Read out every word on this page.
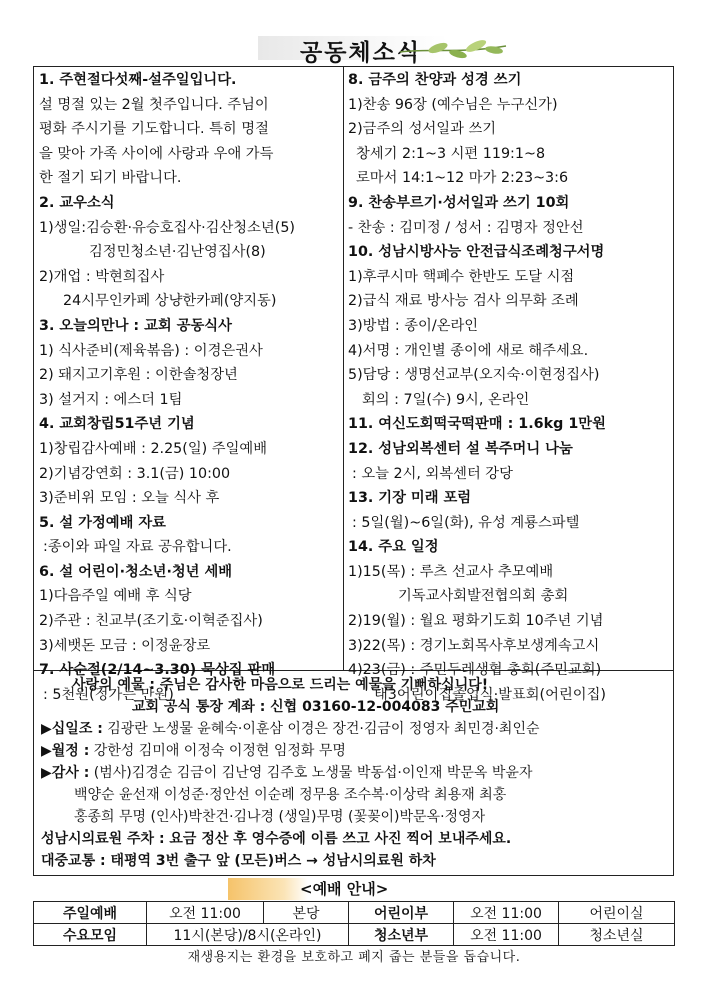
공동체소식
1. 주현절다섯째-설주일입니다.
설 명절 있는 2월 첫주입니다. 주님이
평화 주시기를 기도합니다. 특히 명절
을 맞아 가족 사이에 사랑과 우애 가득
한 절기 되기 바랍니다.
2. 교우소식
1)생일:김승환·유승호집사·김산청소년(5)
김정민청소년·김난영집사(8)
2)개업 : 박현희집사
24시무인카페 상냥한카페(양지동)
3. 오늘의만나 : 교회 공동식사
1) 식사준비(제육볶음) : 이경은권사
2) 돼지고기후원 : 이한솔청장년
3) 설거지 : 에스더 1팀
4. 교회창립51주년 기념
1)창립감사예배 : 2.25(일) 주일예배
2)기념강연회 : 3.1(금) 10:00
3)준비위 모임 : 오늘 식사 후
5. 설 가정예배 자료
:종이와 파일 자료 공유합니다.
6. 설 어린이·청소년·청년 세배
1)다음주일 예배 후 식당
2)주관 : 친교부(조기호·이혁준집사)
3)세뱃돈 모금 : 이정윤장로
7. 사순절(2/14~3.30) 묵상집 판매
: 5천원(정가는 만원)
8. 금주의 찬양과 성경 쓰기
1)찬송 96장 (예수님은 누구신가)
2)금주의 성서일과 쓰기
창세기 2:1~3 시편 119:1~8
로마서 14:1~12 마가 2:23~3:6
9. 찬송부르기·성서일과 쓰기 10회
- 찬송 : 김미정 / 성서 : 김명자 정안선
10. 성남시방사능 안전급식조례청구서명
1)후쿠시마 핵폐수 한반도 도달 시점
2)급식 재료 방사능 검사 의무화 조례
3)방법 : 종이/온라인
4)서명 : 개인별 종이에 새로 해주세요.
5)담당 : 생명선교부(오지숙·이현정집사)
회의 : 7일(수) 9시, 온라인
11. 여신도회떡국떡판매 : 1.6kg 1만원
12. 성남외복센터 설 복주머니 나눔
: 오늘 2시, 외복센터 강당
13. 기장 미래 포럼
: 5일(월)~6일(화), 유성 계룡스파텔
14. 주요 일정
1)15(목) : 루츠 선교사 추모예배
기독교사회발전협의회 총회
2)19(월) : 월요 평화기도회 10주년 기념
3)22(목) : 경기노회목사후보생계속고시
4)23(금) : 주민두레생협 총회(주민교회)
태3어린이집졸업식·발표회(어린이집)
사랑의 예물 : 주님은 감사한 마음으로 드리는 예물을 기뻐하십니다!
교회 공식 통장 계좌 : 신협 03160-12-004083 주민교회
▶십일조 : 김광란 노생물 윤혜숙·이훈삼 이경은 장건·김금이 정영자 최민경·최인순
▶월정 : 강한성 김미애 이정숙 이정현 임정화 무명
▶감사 : (범사)김경순 김금이 김난영 김주호 노생물 박동섭·이인재 박문옥 박윤자
백양순 윤선재 이성준·정안선 이순례 정무용 조수복·이상락 최용재 최홍
홍종희 무명 (인사)박찬건·김나경 (생일)무명 (꽃꽂이)박문옥·정영자
성남시의료원 주차 : 요금 정산 후 영수증에 이름 쓰고 사진 찍어 보내주세요.
대중교통 : 태평역 3번 출구 앞 (모든)버스 → 성남시의료원 하차
<예배 안내>
주일예배	오전 11:00	본당	어린이부	오전 11:00	어린이실
수요모임	11시(본당)/8시(온라인)		청소년부	오전 11:00	청소년실
재생용지는 환경을 보호하고 폐지 줍는 분들을 돕습니다.
